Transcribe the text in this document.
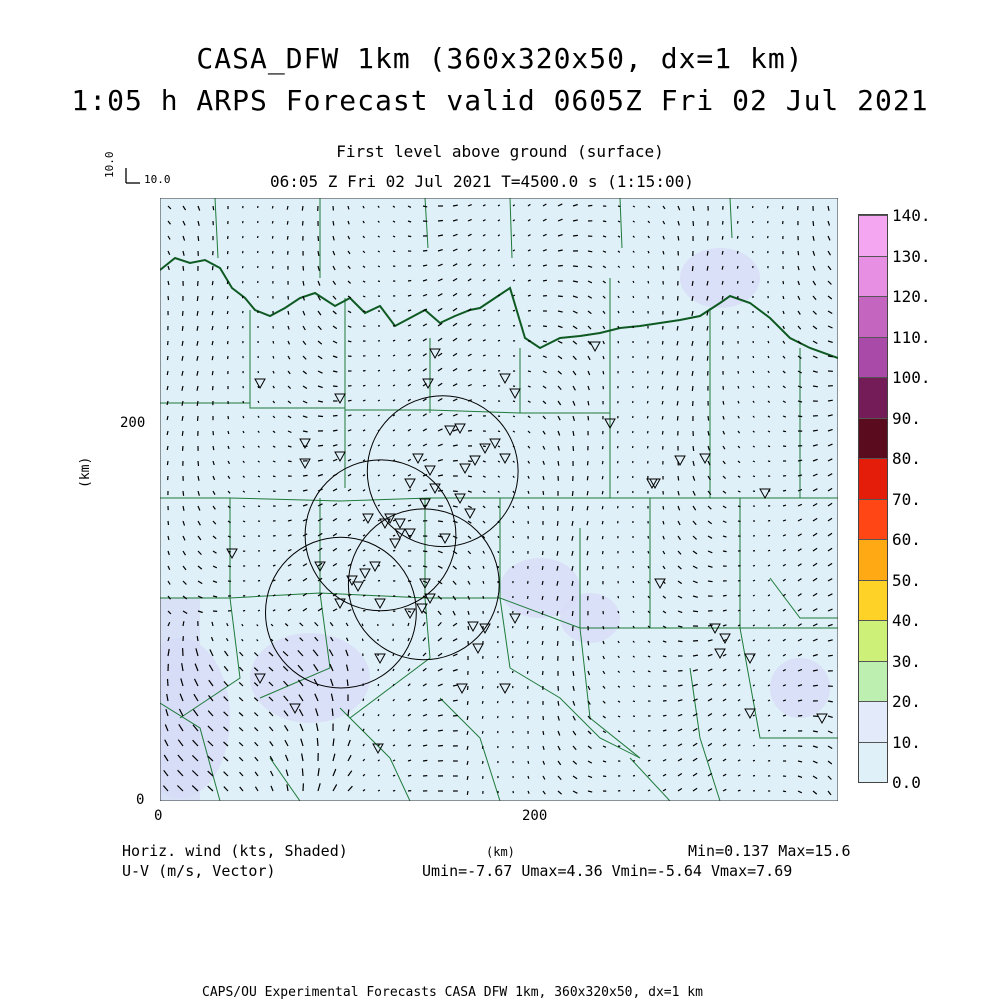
CASA_DFW 1km (360x320x50, dx=1 km)
1:05 h ARPS Forecast valid 0605Z Fri 02 Jul 2021
First level above ground (surface)
06:05 Z Fri 02 Jul 2021 T=4500.0 s (1:15:00)
10.0
10.0
0
200
0	200
(km)
140.
130.
120.
110.
100.
90.
80.
70.
60.
50.
40.
30.
20.
10.
0.0
Horiz. wind (kts, Shaded)
U-V (m/s, Vector)
(km)	Min=0.137 Max=15.6
Umin=-7.67 Umax=4.36 Vmin=-5.64 Vmax=7.69
CAPS/OU Experimental Forecasts CASA DFW 1km, 360x320x50, dx=1 km
